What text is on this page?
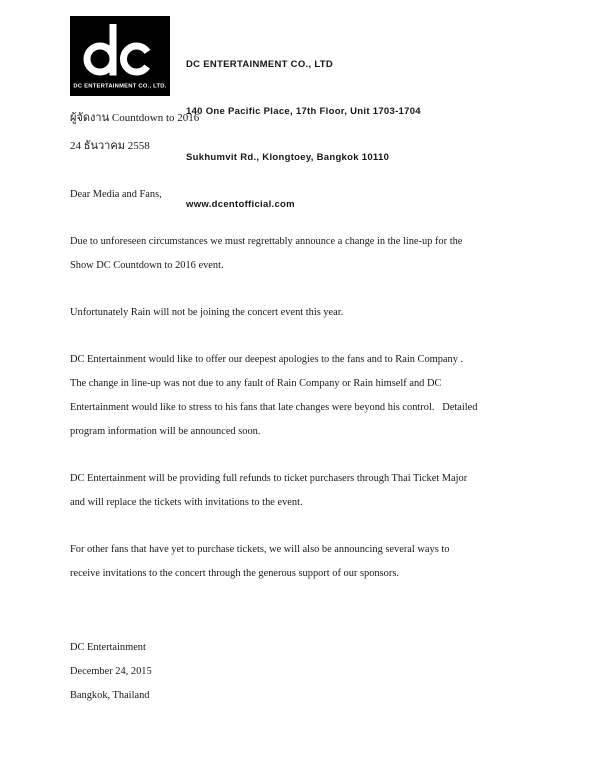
DC ENTERTAINMENT CO., LTD.

DC ENTERTAINMENT CO., LTD

140 One Pacific Place, 17th Floor, Unit 1703-1704

Sukhumvit Rd., Klongtoey, Bangkok 10110

www.dcentofficial.com

ผู้จัดงาน Countdown to 2016
24 ธันวาคม 2558
Dear Media and Fans,
Due to unforeseen circumstances we must regrettably announce a change in the line-up for the
Show DC Countdown to 2016 event.
Unfortunately Rain will not be joining the concert event this year.
DC Entertainment would like to offer our deepest apologies to the fans and to Rain Company .
The change in line-up was not due to any fault of Rain Company or Rain himself and DC
Entertainment would like to stress to his fans that late changes were beyond his control.   Detailed
program information will be announced soon.
DC Entertainment will be providing full refunds to ticket purchasers through Thai Ticket Major
and will replace the tickets with invitations to the event.
For other fans that have yet to purchase tickets, we will also be announcing several ways to
receive invitations to the concert through the generous support of our sponsors.
DC Entertainment
December 24, 2015
Bangkok, Thailand
